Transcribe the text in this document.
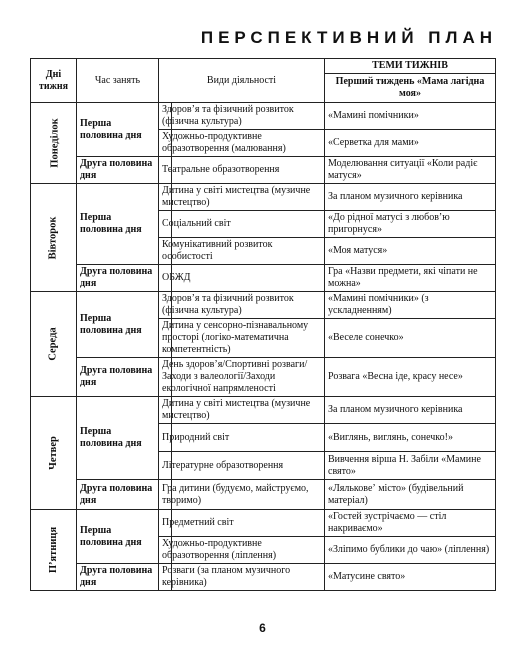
ПЕРСПЕКТИВНИЙ ПЛАН
Дні тижня	Час занять	Види діяльності	ТЕМИ ТИЖНІВ
			Перший тиждень «Мама лагідна моя»
Понеділок	Перша половина дня	Здоров’я та фізичний розвиток (фізична культура)	«Мамині помічники»
		Художньо-продуктивне образотворення (малювання)	«Серветка для мами»
	Друга половина дня	Театральне образотворення	Моделювання ситуації «Коли радіє матуся»
Вівторок	Перша половина дня	Дитина у світі мистецтва (музичне мистецтво)	За планом музичного керівника
		Соціальний світ	«До рідної матусі з любов’ю пригорнуся»
		Комунікативний розвиток особистості	«Моя матуся»
	Друга половина дня	ОБЖД	Гра «Назви предмети, які чіпати не можна»
Середа	Перша половина дня	Здоров’я та фізичний розвиток (фізична культура)	«Мамині помічники» (з ускладненням)
		Дитина у сенсорно-пізнавальному просторі (логіко-математична компетентність)	«Веселе сонечко»
	Друга половина дня	День здоров’я/Спортивні розваги/Заходи з валеології/Заходи екологічної напрямленості	Розвага «Весна іде, красу несе»
Четвер	Перша половина дня	Дитина у світі мистецтва (музичне мистецтво)	За планом музичного керівника
		Природний світ	«Виглянь, виглянь, сонечко!»
		Літературне образотворення	Вивчення вірша Н. Забіли «Мамине свято»
	Друга половина дня	Гра дитини (будуємо, майструємо, творимо)	«Ляльковеʼ місто» (будівельний матеріал)
П’ятниця	Перша половина дня	Предметний світ	«Гостей зустрічаємо — стіл накриваємо»
		Художньо-продуктивне образотворення (ліплення)	«Зліпимо бублики до чаю» (ліплення)
	Друга половина дня	Розваги (за планом музичного керівника)	«Матусине свято»
6
